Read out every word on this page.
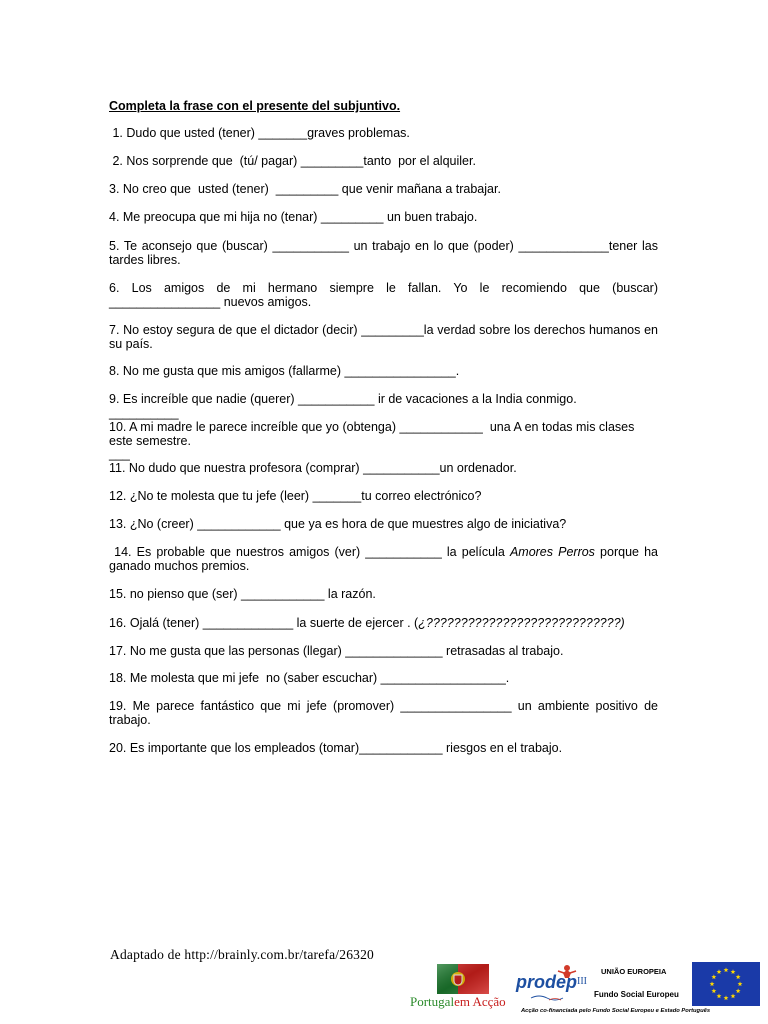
Completa la frase con el presente del subjuntivo.
1. Dudo que usted (tener) _______graves problemas.
2. Nos sorprende que  (tú/ pagar) _________tanto  por el alquiler.
3. No creo que  usted (tener)  _________ que venir mañana a trabajar.
4. Me preocupa que mi hija no (tenar) _________ un buen trabajo.
5. Te aconsejo que (buscar) ___________ un trabajo en lo que (poder) _____________tener las tardes libres.
6. Los amigos de mi hermano siempre le fallan. Yo le recomiendo que (buscar) ________________ nuevos amigos.
7. No estoy segura de que el dictador (decir) _________la verdad sobre los derechos humanos en su país.
8. No me gusta que mis amigos (fallarme) ________________.
9. Es increíble que nadie (querer) ___________ ir de vacaciones a la India conmigo.
__________
10. A mi madre le parece increíble que yo (obtenga) ____________  una A en todas mis clases este semestre.
___
11. No dudo que nuestra profesora (comprar) ___________un ordenador.
12. ¿No te molesta que tu jefe (leer) _______tu correo electrónico?
13. ¿No (creer) ____________ que ya es hora de que muestres algo de iniciativa?
14. Es probable que nuestros amigos (ver) ___________ la película Amores Perros porque ha ganado muchos premios.
15. no pienso que (ser) ____________ la razón.
16. Ojalá (tener) _____________ la suerte de ejercer . (¿????????????????????????????)
17. No me gusta que las personas (llegar) ______________ retrasadas al trabajo.
18. Me molesta que mi jefe  no (saber escuchar) __________________.
19. Me parece fantástico que mi jefe (promover) ________________ un ambiente positivo de trabajo.
20. Es importante que los empleados (tomar)____________ riesgos en el trabajo.
Adaptado de http://brainly.com.br/tarefa/26320
Portugalem Acção
prodep III
UNIÃO EUROPEIA
Fundo Social Europeu
Acção co-financiada pelo Fundo Social Europeu e Estado Português
